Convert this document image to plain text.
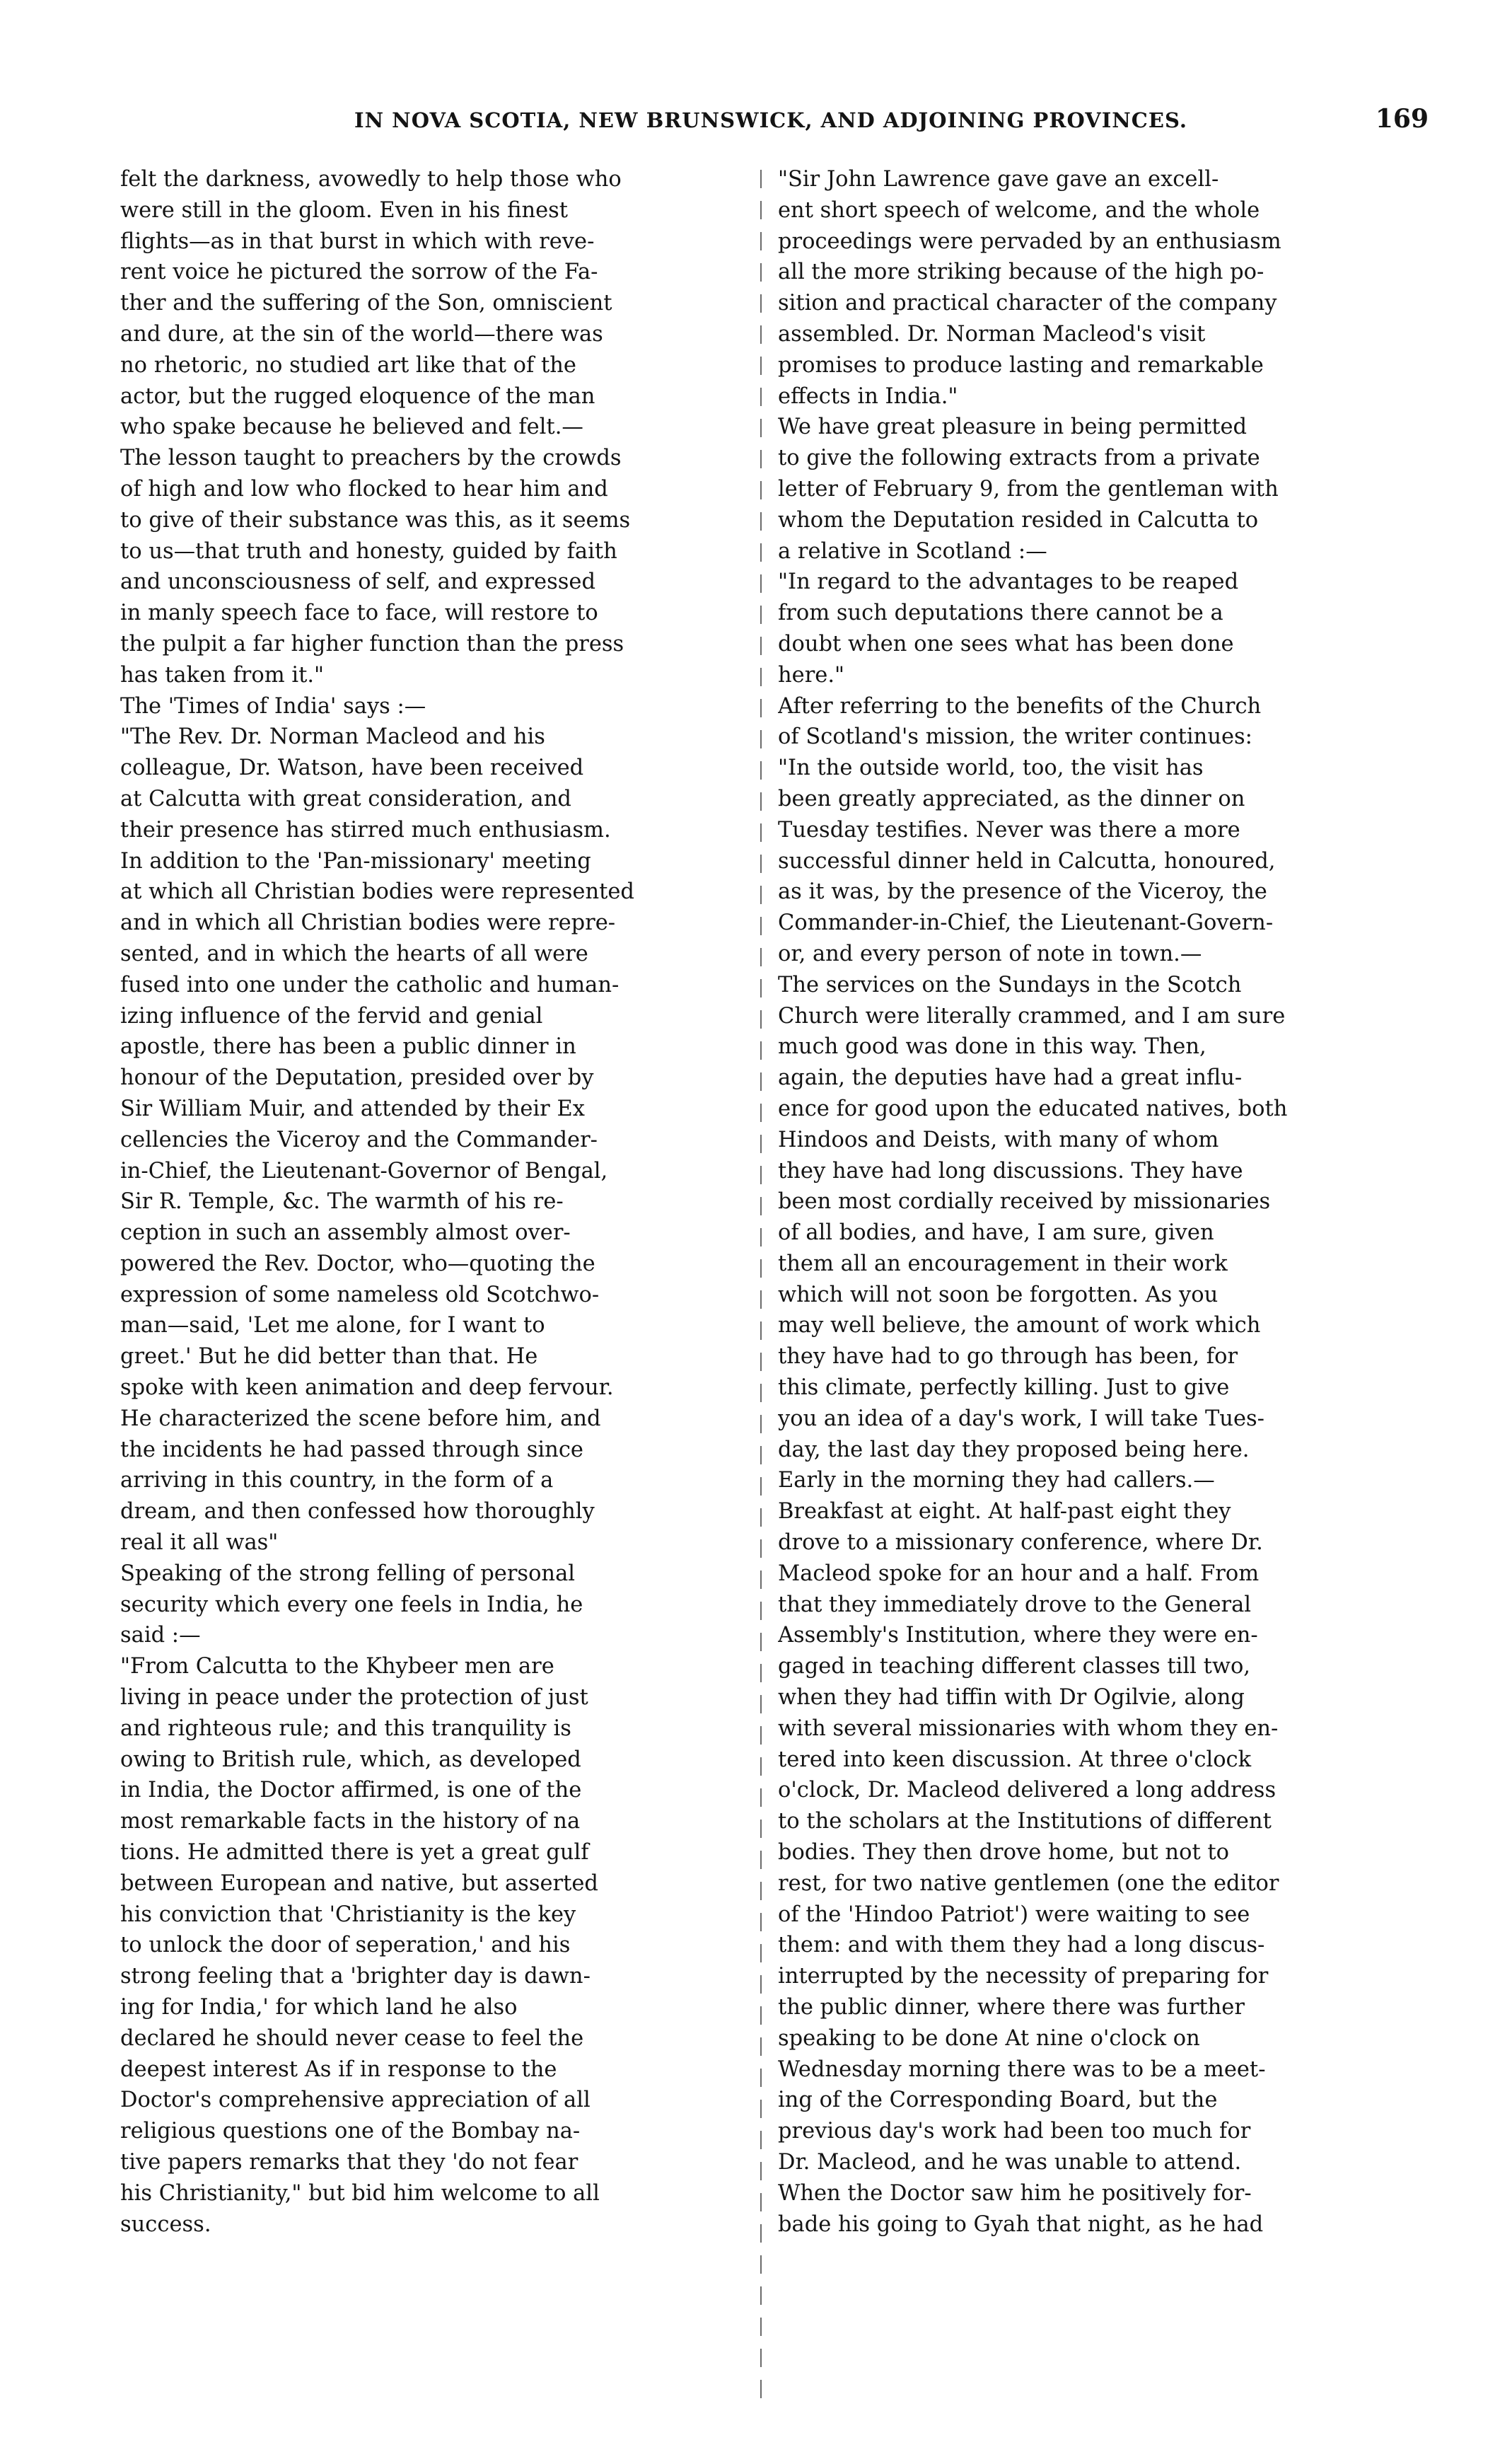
IN NOVA SCOTIA, NEW BRUNSWICK, AND ADJOINING PROVINCES.	169

felt the darkness, avowedly to help those who

were still in the gloom. Even in his finest

flights—as in that burst in which with reve-

rent voice he pictured the sorrow of the Fa-

ther and the suffering of the Son, omniscient

and dure, at the sin of the world—there was

no rhetoric, no studied art like that of the

actor, but the rugged eloquence of the man

who spake because he believed and felt.—

The lesson taught to preachers by the crowds

of high and low who flocked to hear him and

to give of their substance was this, as it seems

to us—that truth and honesty, guided by faith

and unconsciousness of self, and expressed

in manly speech face to face, will restore to

the pulpit a far higher function than the press

has taken from it."

The 'Times of India' says :—

"The Rev. Dr. Norman Macleod and his

colleague, Dr. Watson, have been received

at Calcutta with great consideration, and

their presence has stirred much enthusiasm.

In addition to the 'Pan-missionary' meeting

at which all Christian bodies were represented

and in which all Christian bodies were repre-

sented, and in which the hearts of all were

fused into one under the catholic and human-

izing influence of the fervid and genial

apostle, there has been a public dinner in

honour of the Deputation, presided over by

Sir William Muir, and attended by their Ex

cellencies the Viceroy and the Commander-

in-Chief, the Lieutenant-Governor of Bengal,

Sir R. Temple, &c. The warmth of his re-

ception in such an assembly almost over-

powered the Rev. Doctor, who—quoting the

expression of some nameless old Scotchwo-

man—said, 'Let me alone, for I want to

greet.' But he did better than that. He

spoke with keen animation and deep fervour.

He characterized the scene before him, and

the incidents he had passed through since

arriving in this country, in the form of a

dream, and then confessed how thoroughly

real it all was"

Speaking of the strong felling of personal

security which every one feels in India, he

said :—

"From Calcutta to the Khybeer men are

living in peace under the protection of just

and righteous rule; and this tranquility is

owing to British rule, which, as developed

in India, the Doctor affirmed, is one of the

most remarkable facts in the history of na

tions. He admitted there is yet a great gulf

between European and native, but asserted

his conviction that 'Christianity is the key

to unlock the door of seperation,' and his

strong feeling that a 'brighter day is dawn-

ing for India,' for which land he also

declared he should never cease to feel the

deepest interest As if in response to the

Doctor's comprehensive appreciation of all

religious questions one of the Bombay na-

tive papers remarks that they 'do not fear

his Christianity," but bid him welcome to all

success.

"Sir John Lawrence gave gave an excell-

ent short speech of welcome, and the whole

proceedings were pervaded by an enthusiasm

all the more striking because of the high po-

sition and practical character of the company

assembled. Dr. Norman Macleod's visit

promises to produce lasting and remarkable

effects in India."

We have great pleasure in being permitted

to give the following extracts from a private

letter of February 9, from the gentleman with

whom the Deputation resided in Calcutta to

a relative in Scotland :—

"In regard to the advantages to be reaped

from such deputations there cannot be a

doubt when one sees what has been done

here."

After referring to the benefits of the Church

of Scotland's mission, the writer continues:

"In the outside world, too, the visit has

been greatly appreciated, as the dinner on

Tuesday testifies. Never was there a more

successful dinner held in Calcutta, honoured,

as it was, by the presence of the Viceroy, the

Commander-in-Chief, the Lieutenant-Govern-

or, and every person of note in town.—

The services on the Sundays in the Scotch

Church were literally crammed, and I am sure

much good was done in this way. Then,

again, the deputies have had a great influ-

ence for good upon the educated natives, both

Hindoos and Deists, with many of whom

they have had long discussions. They have

been most cordially received by missionaries

of all bodies, and have, I am sure, given

them all an encouragement in their work

which will not soon be forgotten. As you

may well believe, the amount of work which

they have had to go through has been, for

this climate, perfectly killing. Just to give

you an idea of a day's work, I will take Tues-

day, the last day they proposed being here.

Early in the morning they had callers.—

Breakfast at eight. At half-past eight they

drove to a missionary conference, where Dr.

Macleod spoke for an hour and a half. From

that they immediately drove to the General

Assembly's Institution, where they were en-

gaged in teaching different classes till two,

when they had tiffin with Dr Ogilvie, along

with several missionaries with whom they en-

tered into keen discussion. At three o'clock

o'clock, Dr. Macleod delivered a long address

to the scholars at the Institutions of different

bodies. They then drove home, but not to

rest, for two native gentlemen (one the editor

of the 'Hindoo Patriot') were waiting to see

them: and with them they had a long discus-

interrupted by the necessity of preparing for

the public dinner, where there was further

speaking to be done At nine o'clock on

Wednesday morning there was to be a meet-

ing of the Corresponding Board, but the

previous day's work had been too much for

Dr. Macleod, and he was unable to attend.

When the Doctor saw him he positively for-

bade his going to Gyah that night, as he had
